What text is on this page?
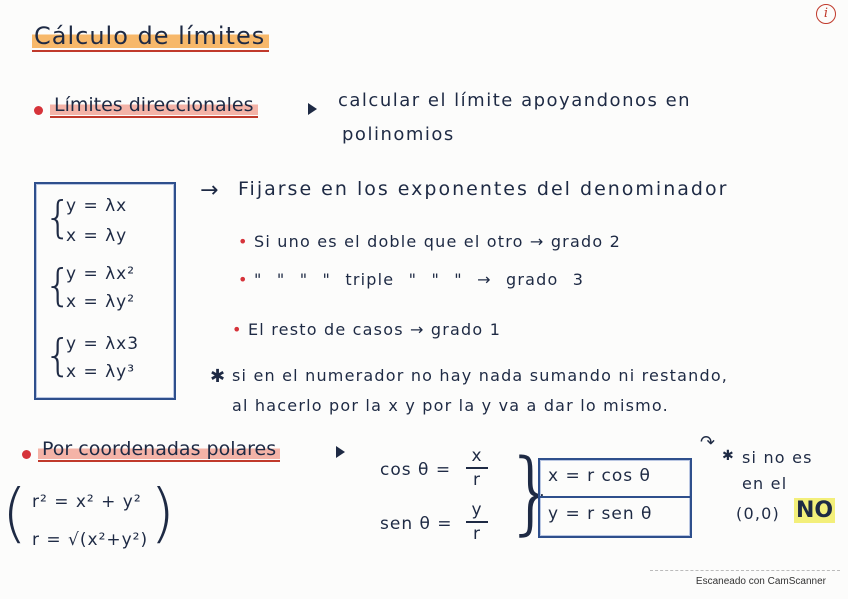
Cálculo de límites
i
Límites direccionales	calcular el límite apoyandonos en
polinomios
{
y = λx
x = λy
{
y = λx²
x = λy²
{
y = λx3
x = λy³
→ Fijarse en los exponentes del denominador
• Si uno es el doble que el otro → grado 2
• " " " " triple " " " → grado 3
• El resto de casos → grado 1
✱ si en el numerador no hay nada sumando ni restando,
al hacerlo por la x y por la y va a dar lo mismo.
Por coordenadas polares
( r² = x² + y²
r = √(x²+y²) )
cos θ =
x
r
sen θ =
y
r }
x = r cos θ
y = r sen θ
↷
✱ si no es
en el
(0,0) NO
Escaneado con CamScanner
